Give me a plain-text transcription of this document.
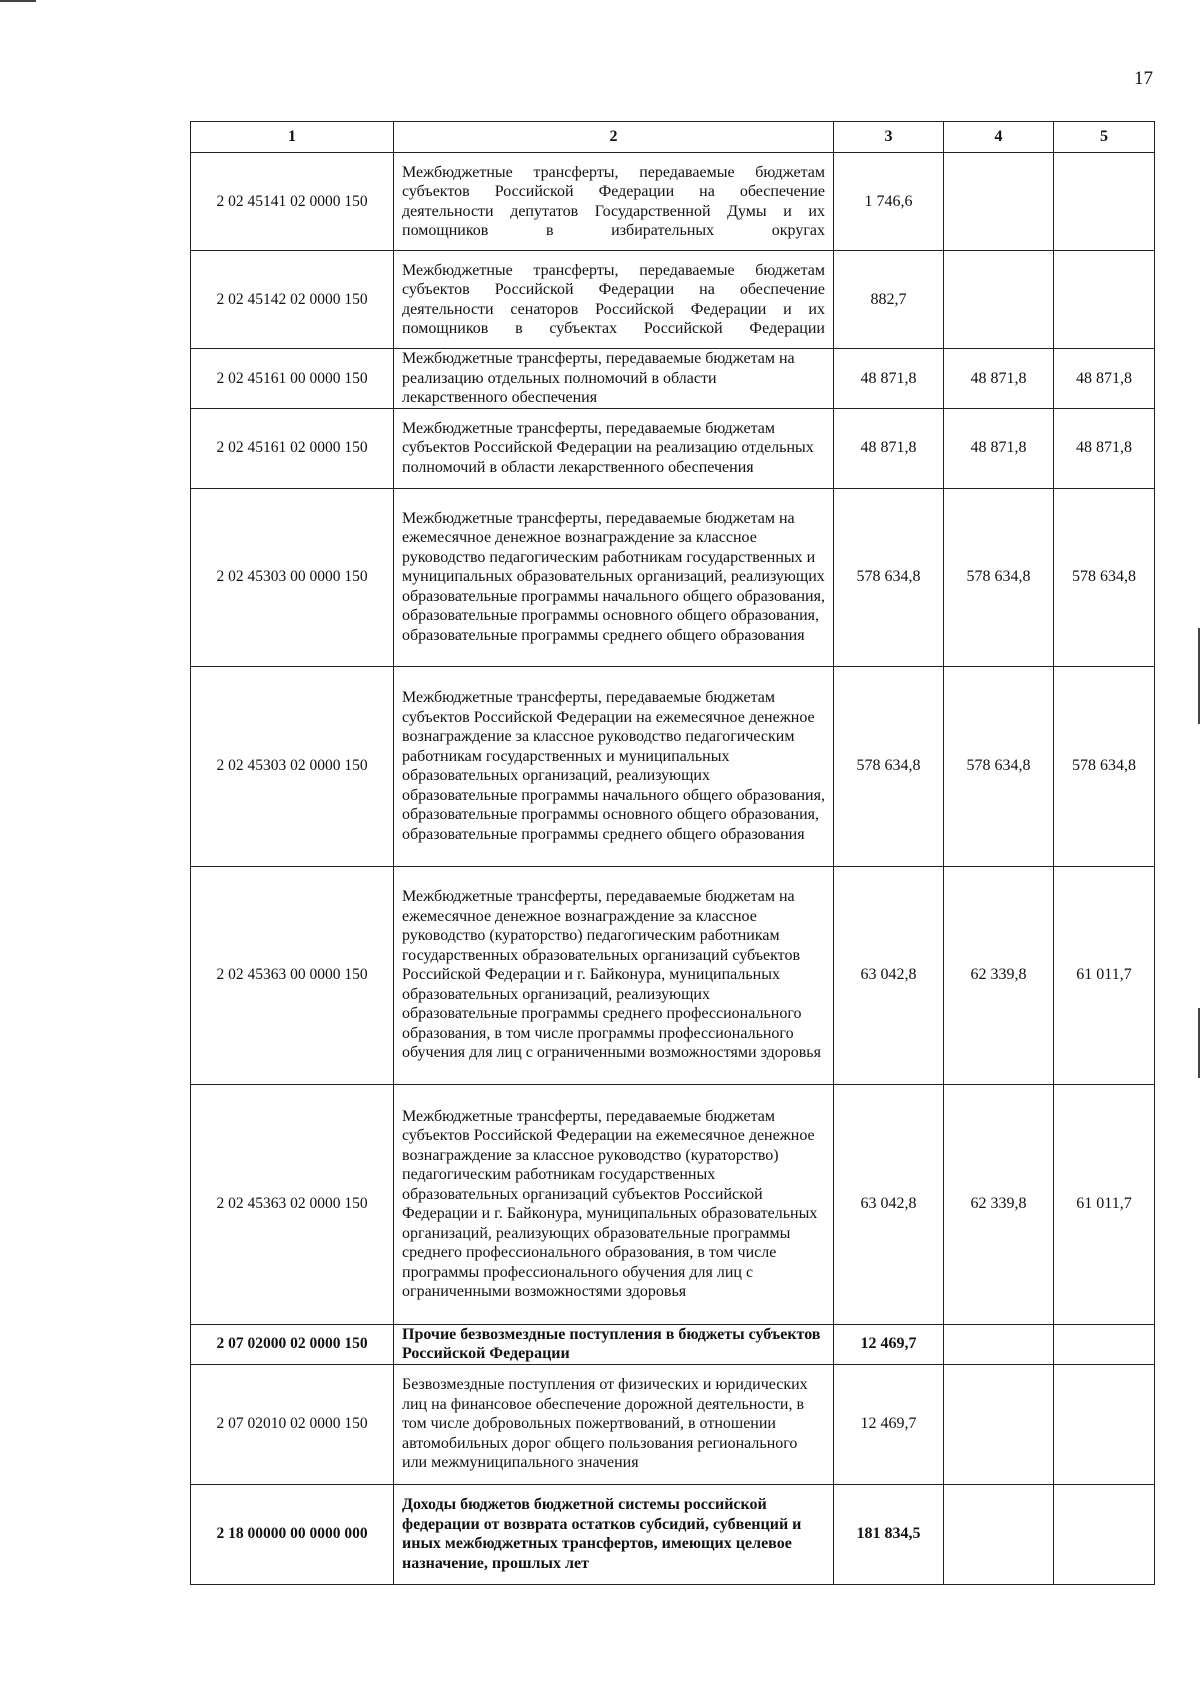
17
1	2	3	4	5
2 02 45141 02 0000 150	Межбюджетные трансферты, передаваемые бюджетам субъектов Российской Федерации на обеспечение деятельности депутатов Государственной Думы и их помощников в избирательных округах	1 746,6		
2 02 45142 02 0000 150	Межбюджетные трансферты, передаваемые бюджетам субъектов Российской Федерации на обеспечение деятельности сенаторов Российской Федерации и их помощников в субъектах Российской Федерации	882,7		
2 02 45161 00 0000 150	Межбюджетные трансферты, передаваемые бюджетам на реализацию отдельных полномочий в области лекарственного обеспечения	48 871,8	48 871,8	48 871,8
2 02 45161 02 0000 150	Межбюджетные трансферты, передаваемые бюджетам субъектов Российской Федерации на реализацию отдельных полномочий в области лекарственного обеспечения	48 871,8	48 871,8	48 871,8
2 02 45303 00 0000 150	Межбюджетные трансферты, передаваемые бюджетам на ежемесячное денежное вознаграждение за классное руководство педагогическим работникам государственных и муниципальных образовательных организаций, реализующих образовательные программы начального общего образования, образовательные программы основного общего образования, образовательные программы среднего общего образования	578 634,8	578 634,8	578 634,8
2 02 45303 02 0000 150	Межбюджетные трансферты, передаваемые бюджетам субъектов Российской Федерации на ежемесячное денежное вознаграждение за классное руководство педагогическим работникам государственных и муниципальных образовательных организаций, реализующих образовательные программы начального общего образования, образовательные программы основного общего образования, образовательные программы среднего общего образования	578 634,8	578 634,8	578 634,8
2 02 45363 00 0000 150	Межбюджетные трансферты, передаваемые бюджетам на ежемесячное денежное вознаграждение за классное руководство (кураторство) педагогическим работникам государственных образовательных организаций субъектов Российской Федерации и г. Байконура, муниципальных образовательных организаций, реализующих образовательные программы среднего профессионального образования, в том числе программы профессионального обучения для лиц с ограниченными возможностями здоровья	63 042,8	62 339,8	61 011,7
2 02 45363 02 0000 150	Межбюджетные трансферты, передаваемые бюджетам субъектов Российской Федерации на ежемесячное денежное вознаграждение за классное руководство (кураторство) педагогическим работникам государственных образовательных организаций субъектов Российской Федерации и г. Байконура, муниципальных образовательных организаций, реализующих образовательные программы среднего профессионального образования, в том числе программы профессионального обучения для лиц с ограниченными возможностями здоровья	63 042,8	62 339,8	61 011,7
2 07 02000 02 0000 150	Прочие безвозмездные поступления в бюджеты субъектов Российской Федерации	12 469,7		
2 07 02010 02 0000 150	Безвозмездные поступления от физических и юридических лиц на финансовое обеспечение дорожной деятельности, в том числе добровольных пожертвований, в отношении автомобильных дорог общего пользования регионального или межмуниципального значения	12 469,7		
2 18 00000 00 0000 000	Доходы бюджетов бюджетной системы российской федерации от возврата остатков субсидий, субвенций и иных межбюджетных трансфертов, имеющих целевое назначение, прошлых лет	181 834,5		
